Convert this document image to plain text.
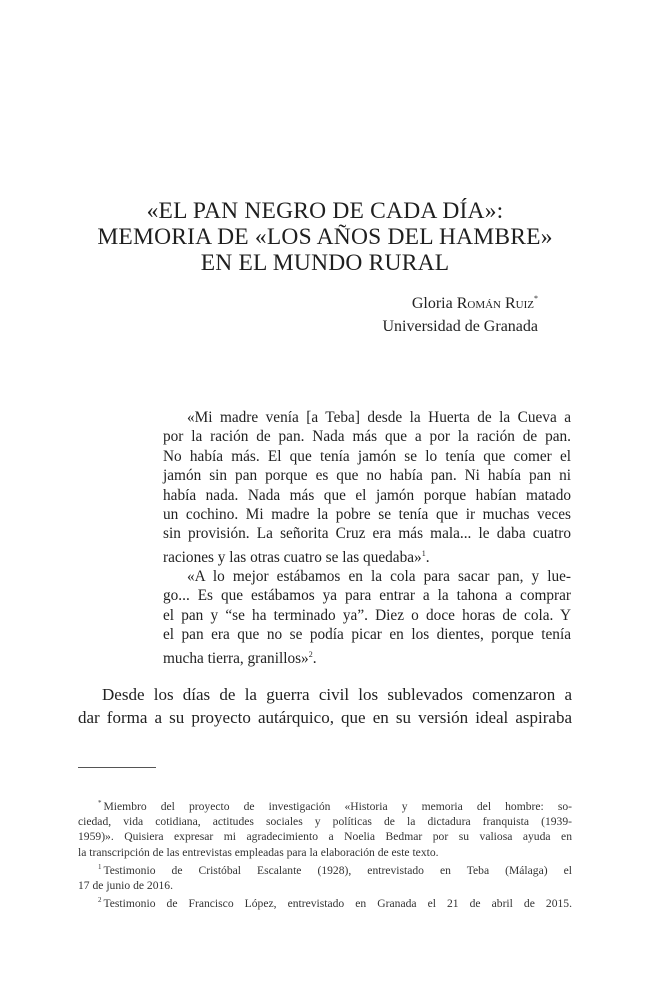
«EL PAN NEGRO DE CADA DÍA»:
MEMORIA DE «LOS AÑOS DEL HAMBRE»
EN EL MUNDO RURAL
Gloria Román Ruiz*
Universidad de Granada
«Mi madre venía [a Teba] desde la Huerta de la Cueva a
por la ración de pan. Nada más que a por la ración de pan.
No había más. El que tenía jamón se lo tenía que comer el
jamón sin pan porque es que no había pan. Ni había pan ni
había nada. Nada más que el jamón porque habían matado
un cochino. Mi madre la pobre se tenía que ir muchas veces
sin provisión. La señorita Cruz era más mala... le daba cuatro
raciones y las otras cuatro se las quedaba»$^1$.
«A lo mejor estábamos en la cola para sacar pan, y lue-
go... Es que estábamos ya para entrar a la tahona a comprar
el pan y “se ha terminado ya”. Diez o doce horas de cola. Y
el pan era que no se podía picar en los dientes, porque tenía
mucha tierra, granillos»$^2$.
Desde los días de la guerra civil los sublevados comenzaron a
dar forma a su proyecto autárquico, que en su versión ideal aspiraba
* Miembro del proyecto de investigación «Historia y memoria del hombre: so-
ciedad, vida cotidiana, actitudes sociales y políticas de la dictadura franquista (1939-
1959)». Quisiera expresar mi agradecimiento a Noelia Bedmar por su valiosa ayuda en
la transcripción de las entrevistas empleadas para la elaboración de este texto.
$^1$ Testimonio de Cristóbal Escalante (1928), entrevistado en Teba (Málaga) el
17 de junio de 2016.
$^2$ Testimonio de Francisco López, entrevistado en Granada el 21 de abril de 2015.
